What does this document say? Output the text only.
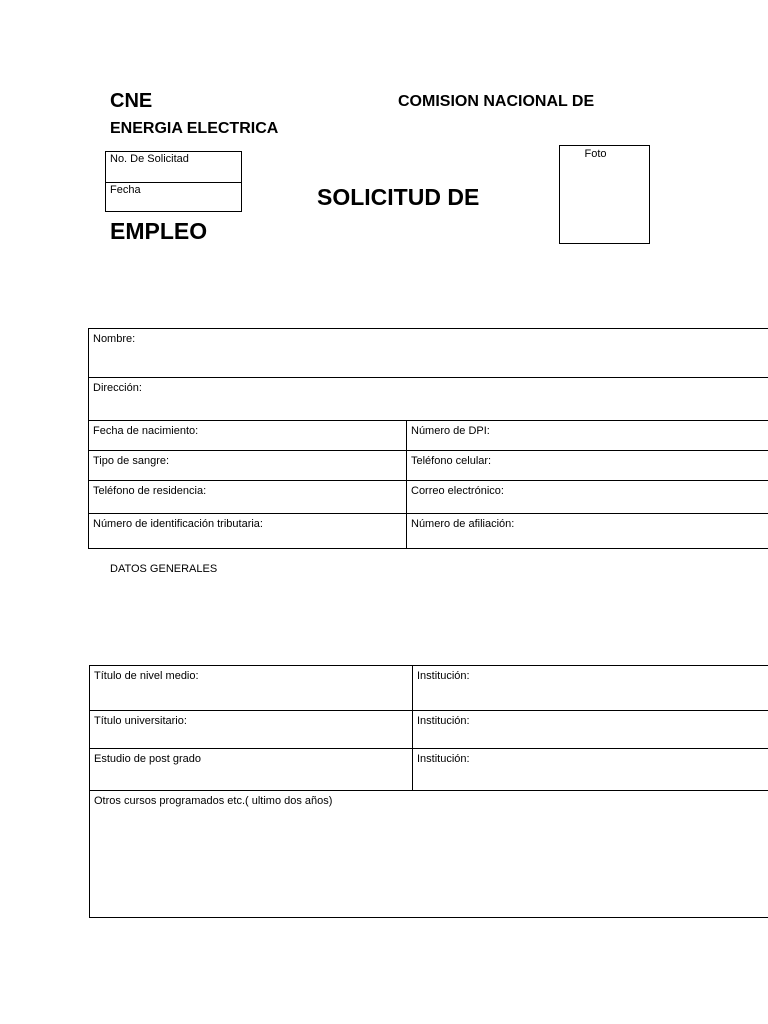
CNE
ENERGIA ELECTRICA
COMISION NACIONAL DE
SOLICITUD DE
EMPLEO
No. De Solicitad
Fecha
Foto
Nombre:	
Dirección:	
Fecha de nacimiento:	Número de DPI:
Tipo de sangre:	Teléfono celular:
Teléfono de residencia:	Correo electrónico:
Número de identificación tributaria:	Número de afiliación:
DATOS GENERALES
Título de nivel medio:	Institución:
Título universitario:	Institución:
Estudio de post grado	Institución:
Otros cursos programados etc.( ultimo dos años)	
